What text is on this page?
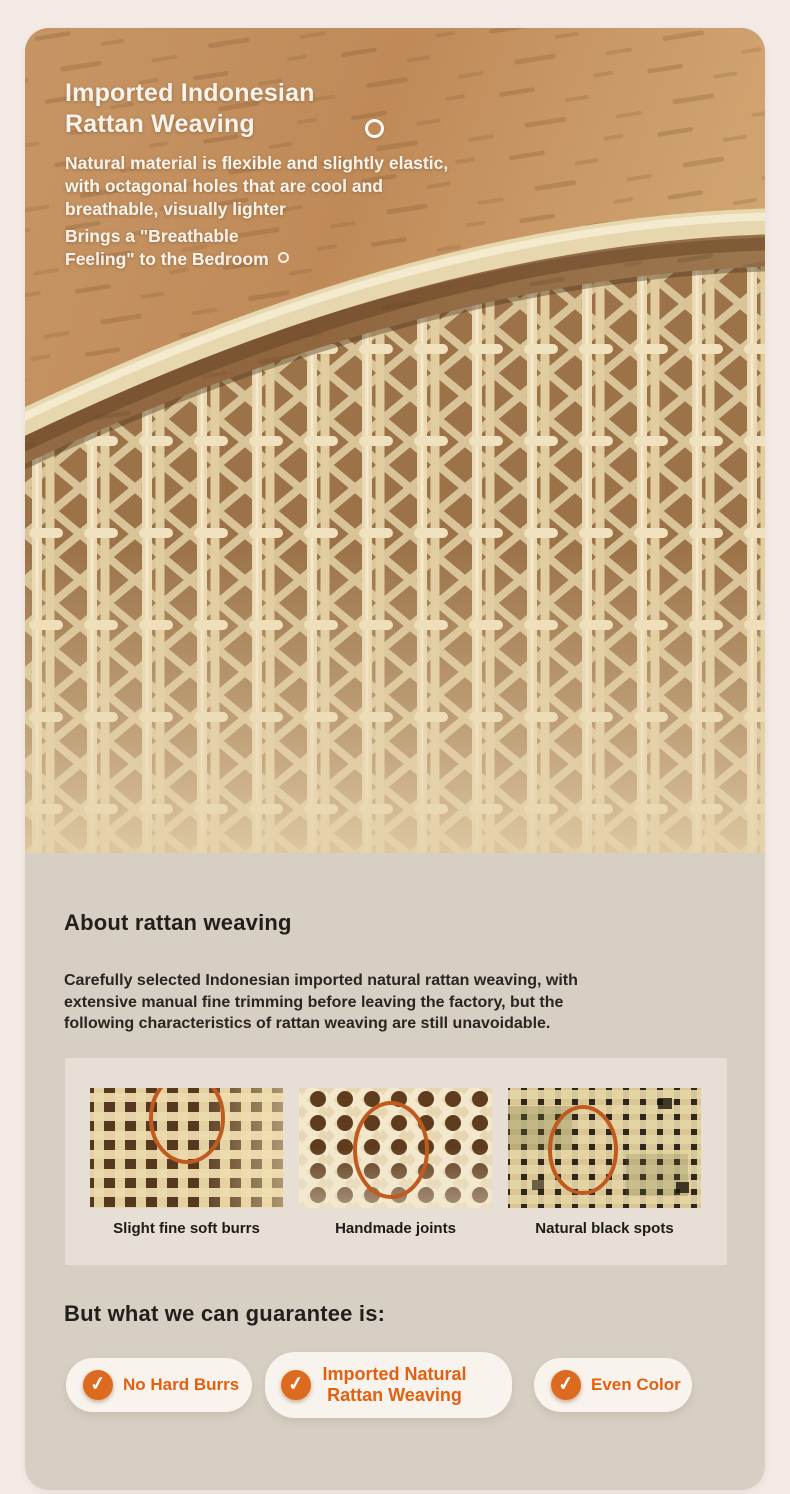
Imported Indonesian
Rattan Weaving
Natural material is flexible and slightly elastic,
with octagonal holes that are cool and
breathable, visually lighter
Brings a "Breathable
Feeling" to the Bedroom
About rattan weaving
Carefully selected Indonesian imported natural rattan weaving, with
extensive manual fine trimming before leaving the factory, but the
following characteristics of rattan weaving are still unavoidable.
Slight fine soft burrs	Handmade joints	Natural black spots
But what we can guarantee is:
✓ No Hard Burrs ✓ Imported Natural Rattan Weaving	✓ Even Color
